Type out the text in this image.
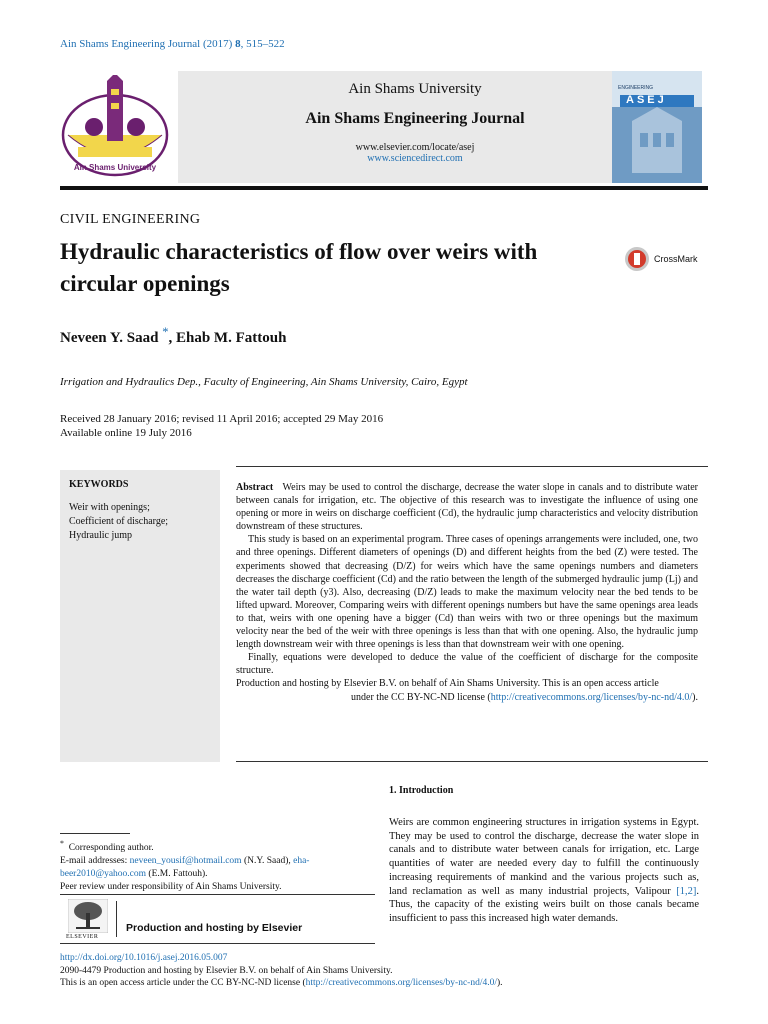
Ain Shams Engineering Journal (2017) 8, 515–522
Ain Shams University
Ain Shams University
Ain Shams Engineering Journal
www.elsevier.com/locate/asej
www.sciencedirect.com
ENGINEERING
ASEJ
CIVIL ENGINEERING
Hydraulic characteristics of flow over weirs with
circular openings
CrossMark
Neveen Y. Saad *, Ehab M. Fattouh
Irrigation and Hydraulics Dep., Faculty of Engineering, Ain Shams University, Cairo, Egypt
Received 28 January 2016; revised 11 April 2016; accepted 29 May 2016
Available online 19 July 2016
KEYWORDS
Weir with openings;
Coefficient of discharge;
Hydraulic jump

Abstract Weirs may be used to control the discharge, decrease the water slope in canals and to distribute water between canals for irrigation, etc. The objective of this research was to investigate the influence of using one opening or more in weirs on discharge coefficient (Cd), the hydraulic jump characteristics and velocity distribution downstream of these structures.

This study is based on an experimental program. Three cases of openings arrangements were included, one, two and three openings. Different diameters of openings (D) and different heights from the bed (Z) were tested. The experiments showed that decreasing (D/Z) for weirs which have the same openings numbers and diameters decreases the discharge coefficient (Cd) and the ratio between the length of the submerged hydraulic jump (Lj) and the water tail depth (y3). Also, decreasing (D/Z) leads to make the maximum velocity near the bed tends to be lifted upward. Moreover, Comparing weirs with different openings numbers but have the same openings area leads to that, weirs with one opening have a bigger (Cd) than weirs with two or three openings but the maximum velocity near the bed of the weir with three openings is less than that with one opening. Also, the hydraulic jump length downstream weir with three openings is less than that downstream weir with one opening.

Finally, equations were developed to deduce the value of the coefficient of discharge for the composite structure.

Production and hosting by Elsevier B.V. on behalf of Ain Shams University. This is an open access article

under the CC BY-NC-ND license (http://creativecommons.org/licenses/by-nc-nd/4.0/).

1. Introduction
Weirs are common engineering structures in irrigation systems in Egypt. They may be used to control the discharge, decrease the water slope in canals and to distribute water between canals for irrigation, etc. Large quantities of water are needed every day to fulfill the continuously increasing requirements of mankind and the various projects such as, land reclamation as well as many industrial projects, Valipour [1,2]. Thus, the capacity of the existing weirs built on those canals became insufficient to pass this increased high water demands.
* Corresponding author.
E-mail addresses: neveen_yousif@hotmail.com (N.Y. Saad), eha-beer2010@yahoo.com (E.M. Fattouh).
Peer review under responsibility of Ain Shams University.
ELSEVIER
Production and hosting by Elsevier
http://dx.doi.org/10.1016/j.asej.2016.05.007
2090-4479 Production and hosting by Elsevier B.V. on behalf of Ain Shams University.
This is an open access article under the CC BY-NC-ND license (http://creativecommons.org/licenses/by-nc-nd/4.0/).
